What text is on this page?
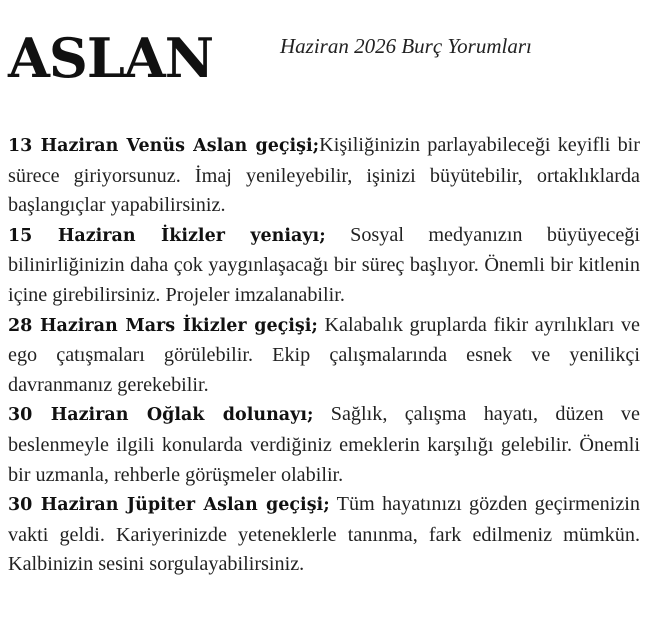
ASLAN	Haziran 2026 Burç Yorumları

13 Haziran Venüs Aslan geçişi;Kişiliğinizin parlayabileceği keyifli bir sürece giriyorsunuz. İmaj yenileyebilir, işinizi büyütebilir, ortaklıklarda başlangıçlar yapabilirsiniz.

15 Haziran İkizler yeniayı; Sosyal medyanızın büyüyeceği bilinirliğinizin daha çok yaygınlaşacağı bir süreç başlıyor. Önemli bir kitlenin içine girebilirsiniz. Projeler imzalanabilir.

28 Haziran Mars İkizler geçişi; Kalabalık gruplarda fikir ayrılıkları ve ego çatışmaları görülebilir. Ekip çalışmalarında esnek ve yenilikçi davranmanız gerekebilir.

30 Haziran Oğlak dolunayı; Sağlık, çalışma hayatı, düzen ve beslenmeyle ilgili konularda verdiğiniz emeklerin karşılığı gelebilir. Önemli bir uzmanla, rehberle görüşmeler olabilir.

30 Haziran Jüpiter Aslan geçişi; Tüm hayatınızı gözden geçirmenizin vakti geldi. Kariyerinizde yeteneklerle tanınma, fark edilmeniz mümkün. Kalbinizin sesini sorgulayabilirsiniz.
